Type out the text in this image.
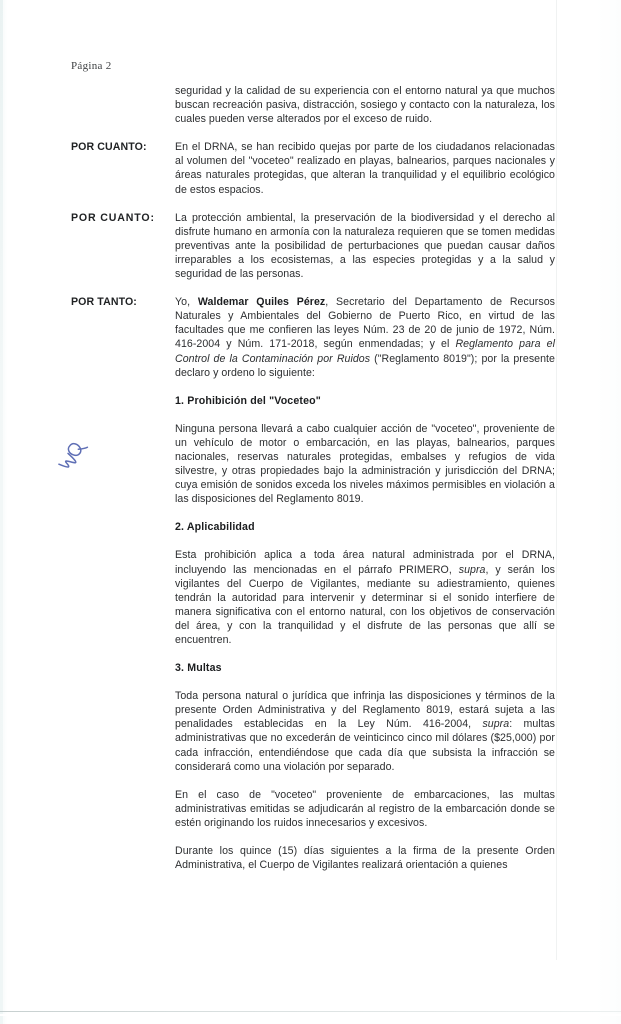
Página 2
seguridad y la calidad de su experiencia con el entorno natural ya que muchos buscan recreación pasiva, distracción, sosiego y contacto con la naturaleza, los cuales pueden verse alterados por el exceso de ruido.
POR CUANTO:	En el DRNA, se han recibido quejas por parte de los ciudadanos relacionadas al volumen del "voceteo" realizado en playas, balnearios, parques nacionales y áreas naturales protegidas, que alteran la tranquilidad y el equilibrio ecológico de estos espacios.
POR CUANTO:	La protección ambiental, la preservación de la biodiversidad y el derecho al disfrute humano en armonía con la naturaleza requieren que se tomen medidas preventivas ante la posibilidad de perturbaciones que puedan causar daños irreparables a los ecosistemas, a las especies protegidas y a la salud y seguridad de las personas.
POR TANTO:	Yo, Waldemar Quiles Pérez, Secretario del Departamento de Recursos Naturales y Ambientales del Gobierno de Puerto Rico, en virtud de las facultades que me confieren las leyes Núm. 23 de 20 de junio de 1972, Núm. 416-2004 y Núm. 171-2018, según enmendadas; y el Reglamento para el Control de la Contaminación por Ruidos ("Reglamento 8019"); por la presente declaro y ordeno lo siguiente:
1. Prohibición del "Voceteo"
Ninguna persona llevará a cabo cualquier acción de "voceteo", proveniente de un vehículo de motor o embarcación, en las playas, balnearios, parques nacionales, reservas naturales protegidas, embalses y refugios de vida silvestre, y otras propiedades bajo la administración y jurisdicción del DRNA; cuya emisión de sonidos exceda los niveles máximos permisibles en violación a las disposiciones del Reglamento 8019.
2. Aplicabilidad
Esta prohibición aplica a toda área natural administrada por el DRNA, incluyendo las mencionadas en el párrafo PRIMERO, supra, y serán los vigilantes del Cuerpo de Vigilantes, mediante su adiestramiento, quienes tendrán la autoridad para intervenir y determinar si el sonido interfiere de manera significativa con el entorno natural, con los objetivos de conservación del área, y con la tranquilidad y el disfrute de las personas que allí se encuentren.
3. Multas
Toda persona natural o jurídica que infrinja las disposiciones y términos de la presente Orden Administrativa y del Reglamento 8019, estará sujeta a las penalidades establecidas en la Ley Núm. 416-2004, supra: multas administrativas que no excederán de veinticinco cinco mil dólares ($25,000) por cada infracción, entendiéndose que cada día que subsista la infracción se considerará como una violación por separado.
En el caso de "voceteo" proveniente de embarcaciones, las multas administrativas emitidas se adjudicarán al registro de la embarcación donde se estén originando los ruidos innecesarios y excesivos.
Durante los quince (15) días siguientes a la firma de la presente Orden Administrativa, el Cuerpo de Vigilantes realizará orientación a quienes
